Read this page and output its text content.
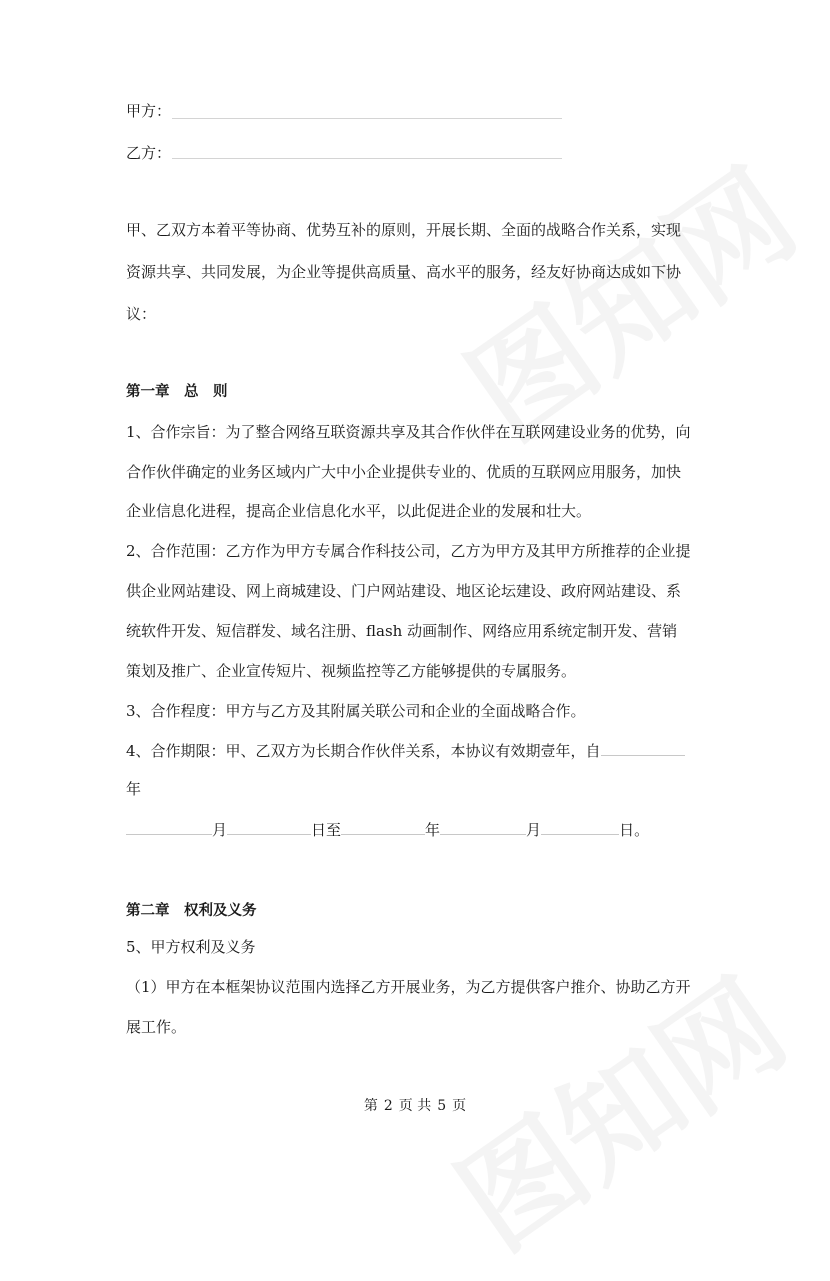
甲方：
乙方：
甲、乙双方本着平等协商、优势互补的原则，开展长期、全面的战略合作关系，实现
资源共享、共同发展，为企业等提供高质量、高水平的服务，经友好协商达成如下协
议：
第一章　总　则
1、合作宗旨：为了整合网络互联资源共享及其合作伙伴在互联网建设业务的优势，向
合作伙伴确定的业务区域内广大中小企业提供专业的、优质的互联网应用服务，加快
企业信息化进程，提高企业信息化水平，以此促进企业的发展和壮大。
2、合作范围：乙方作为甲方专属合作科技公司，乙方为甲方及其甲方所推荐的企业提
供企业网站建设、网上商城建设、门户网站建设、地区论坛建设、政府网站建设、系
统软件开发、短信群发、域名注册、flash 动画制作、网络应用系统定制开发、营销
策划及推广、企业宣传短片、视频监控等乙方能够提供的专属服务。
3、合作程度：甲方与乙方及其附属关联公司和企业的全面战略合作。
4、合作期限：甲、乙双方为长期合作伙伴关系，本协议有效期壹年，自
年
月	日至	年	月	日。
第二章　权利及义务
5、甲方权利及义务
（1）甲方在本框架协议范围内选择乙方开展业务，为乙方提供客户推介、协助乙方开
展工作。
第 2 页 共 5 页
